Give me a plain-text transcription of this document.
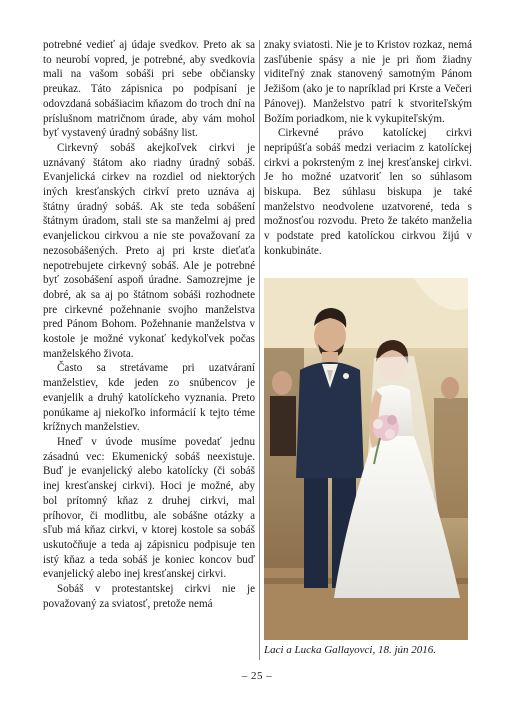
potrebné vedieť aj údaje svedkov. Preto ak sa to neurobí vopred, je potrebné, aby svedkovia mali na vašom sobáši pri sebe občiansky preukaz. Táto zápisnica po podpísaní je odovzdaná sobášiacim kňazom do troch dní na príslušnom matričnom úrade, aby vám mohol byť vystavený úradný sobášny list.

Cirkevný sobáš akejkoľvek cirkvi je uznávaný štátom ako riadny úradný sobáš. Evanjelická cirkev na rozdiel od niektorých iných kresťanských cirkví preto uznáva aj štátny úradný sobáš. Ak ste teda sobášení štátnym úradom, stali ste sa manželmi aj pred evanjelickou cirkvou a nie ste považovaní za nezosobášených. Preto aj pri krste dieťaťa nepotrebujete cirkevný sobáš. Ale je potrebné byť zosobášení aspoň úradne. Samozrejme je dobré, ak sa aj po štátnom sobáši rozhodnete pre cirkevné požehnanie svojho manželstva pred Pánom Bohom. Požehnanie manželstva v kostole je možné vykonať kedykoľvek počas manželského života.

Často sa stretávame pri uzatváraní manželstiev, kde jeden zo snúbencov je evanjelik a druhý katolíckeho vyznania. Preto ponúkame aj niekoľko informácií k tejto téme krížnych manželstiev.

Hneď v úvode musíme povedať jednu zásadnú vec: Ekumenický sobáš neexistuje. Buď je evanjelický alebo katolícky (či sobáš inej kresťanskej cirkvi). Hoci je možné, aby bol prítomný kňaz z druhej cirkvi, mal príhovor, či modlitbu, ale sobášne otázky a sľub má kňaz cirkvi, v ktorej kostole sa sobáš uskutočňuje a teda aj zápisnicu podpisuje ten istý kňaz a teda sobáš je koniec koncov buď evanjelický alebo inej kresťanskej cirkvi.

Sobáš v protestantskej cirkvi nie je považovaný za sviatosť, pretože nemá

znaky sviatosti. Nie je to Kristov rozkaz, nemá zasľúbenie spásy a nie je pri ňom žiadny viditeľný znak stanovený samotným Pánom Ježišom (ako je to napríklad pri Krste a Večeri Pánovej). Manželstvo patrí k stvoriteľským Božím poriadkom, nie k vykupiteľským.

Cirkevné právo katolíckej cirkvi nepripúšťa sobáš medzi veriacim z katolíckej cirkvi a pokrsteným z inej kresťanskej cirkvi. Je ho možné uzatvoriť len so súhlasom biskupa. Bez súhlasu biskupa je také manželstvo neodvolene uzatvorené, teda s možnosťou rozvodu. Preto že takéto manželia v podstate pred katolíckou cirkvou žijú v konkubináte.

Laci a Lucka Gallayovci, 18. jún 2016.
– 25 –
